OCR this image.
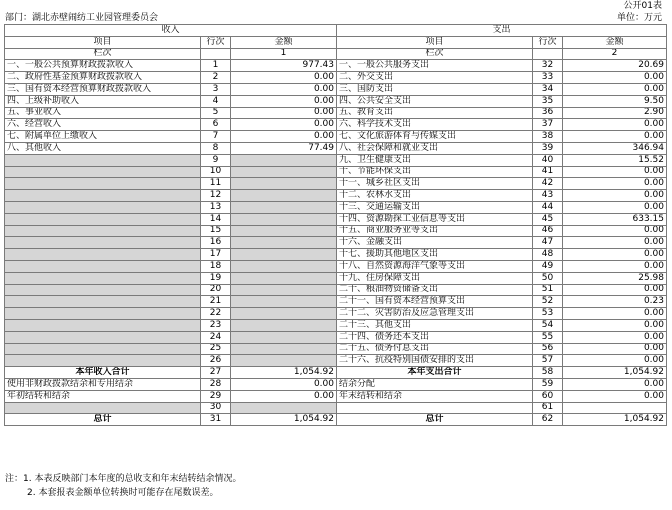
公开01表
部门：湖北赤壁闹纺工业园管理委员会	单位：万元
收入			支出		
项目	行次	金额	项目	行次	金额
栏次		1	栏次		2
一、一般公共预算财政拨款收入	1	977.43	一、一般公共服务支出	32	20.69
二、政府性基金预算财政拨款收入	2	0.00	二、外交支出	33	0.00
三、国有资本经营预算财政拨款收入	3	0.00	三、国防支出	34	0.00
四、上级补助收入	4	0.00	四、公共安全支出	35	9.50
五、事业收入	5	0.00	五、教育支出	36	2.90
六、经营收入	6	0.00	六、科学技术支出	37	0.00
七、附属单位上缴收入	7	0.00	七、文化旅游体育与传媒支出	38	0.00
八、其他收入	8	77.49	八、社会保障和就业支出	39	346.94
	9		九、卫生健康支出	40	15.52
	10		十、节能环保支出	41	0.00
	11		十一、城乡社区支出	42	0.00
	12		十二、农林水支出	43	0.00
	13		十三、交通运输支出	44	0.00
	14		十四、资源勘探工业信息等支出	45	633.15
	15		十五、商业服务业等支出	46	0.00
	16		十六、金融支出	47	0.00
	17		十七、援助其他地区支出	48	0.00
	18		十八、自然资源海洋气象等支出	49	0.00
	19		十九、住房保障支出	50	25.98
	20		二十、粮油物资储备支出	51	0.00
	21		二十一、国有资本经营预算支出	52	0.23
	22		二十二、灾害防治及应急管理支出	53	0.00
	23		二十三、其他支出	54	0.00
	24		二十四、债务还本支出	55	0.00
	25		二十五、债务付息支出	56	0.00
	26		二十六、抗疫特别国债安排的支出	57	0.00
本年收入合计	27	1,054.92	本年支出合计	58	1,054.92
使用非财政拨款结余和专用结余	28	0.00	结余分配	59	0.00
年初结转和结余	29	0.00	年末结转和结余	60	0.00
	30			61	
总计	31	1,054.92	总计	62	1,054.92
注：1. 本表反映部门本年度的总收支和年末结转结余情况。
2. 本套报表金额单位转换时可能存在尾数误差。
